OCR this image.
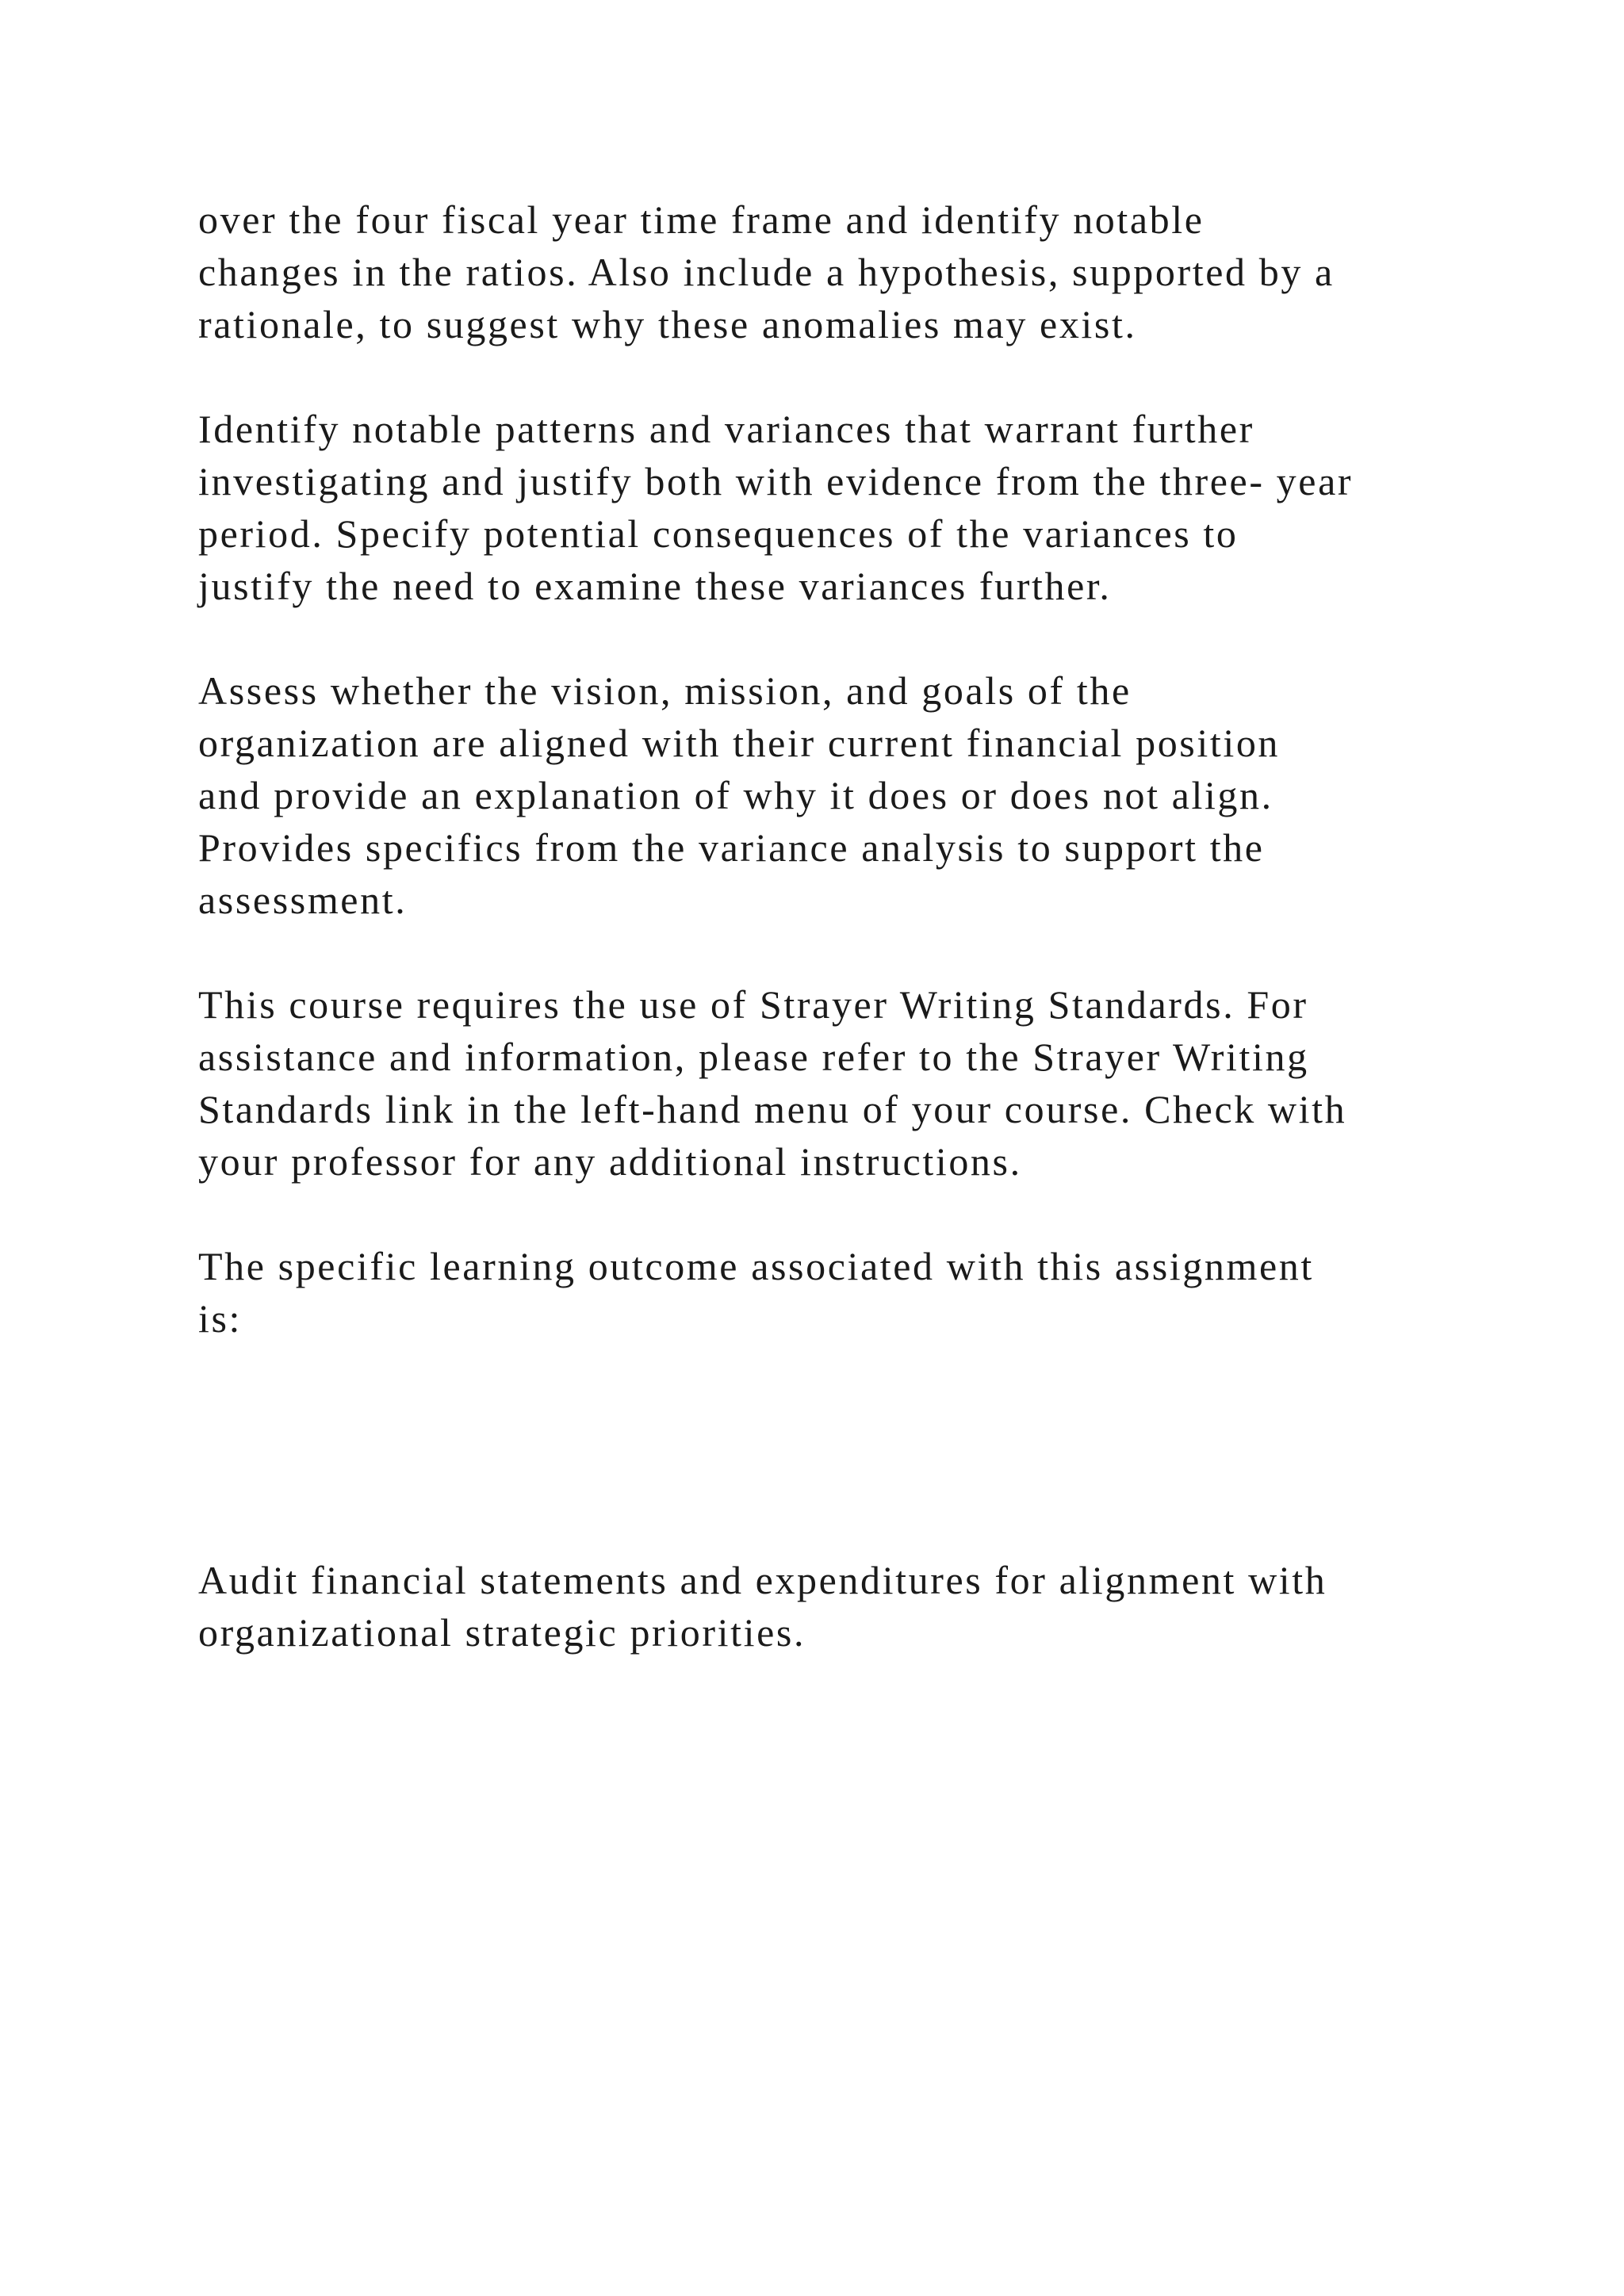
over the four fiscal year time frame and identify notable

changes in the ratios. Also include a hypothesis, supported by a

rationale, to suggest why these anomalies may exist.

Identify notable patterns and variances that warrant further

investigating and justify both with evidence from the three- year

period. Specify potential consequences of the variances to

justify the need to examine these variances further.

Assess whether the vision, mission, and goals of the

organization are aligned with their current financial position

and provide an explanation of why it does or does not align.

Provides specifics from the variance analysis to support the

assessment.

This course requires the use of Strayer Writing Standards. For

assistance and information, please refer to the Strayer Writing

Standards link in the left-hand menu of your course. Check with

your professor for any additional instructions.

The specific learning outcome associated with this assignment

is:

Audit financial statements and expenditures for alignment with

organizational strategic priorities.
